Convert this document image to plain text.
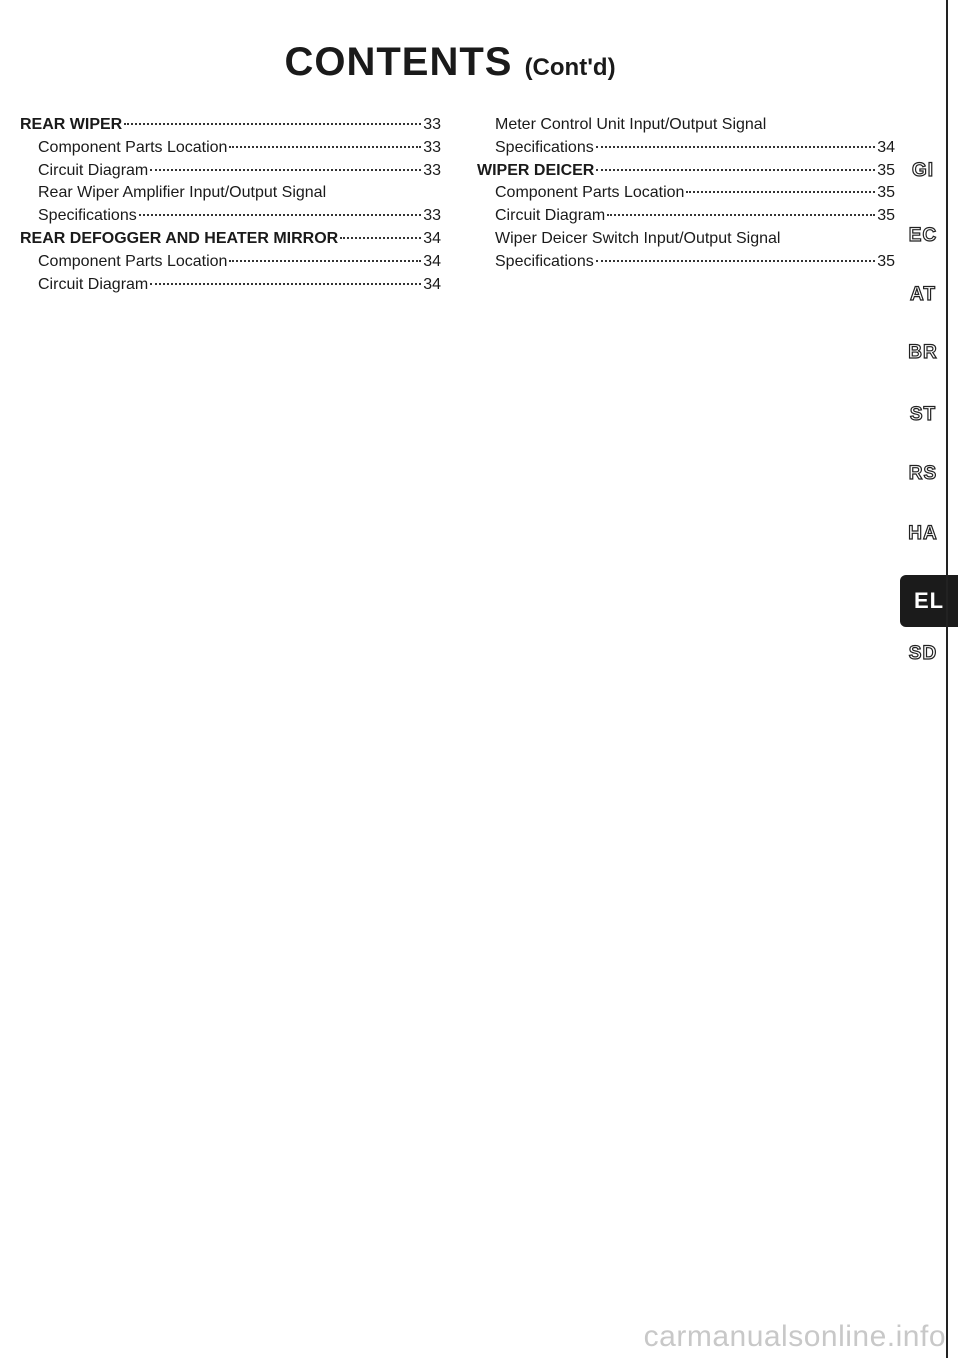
CONTENTS (Cont'd)
REAR WIPER	33
Component Parts Location	33
Circuit Diagram	33
Rear Wiper Amplifier Input/Output Signal
Specifications	33
REAR DEFOGGER AND HEATER MIRROR	34
Component Parts Location	34
Circuit Diagram	34
Meter Control Unit Input/Output Signal
Specifications	34
WIPER DEICER	35
Component Parts Location	35
Circuit Diagram	35
Wiper Deicer Switch Input/Output Signal
Specifications	35
GI
EC
AT
BR
ST
RS
HA
EL
SD
carmanualsonline.info
